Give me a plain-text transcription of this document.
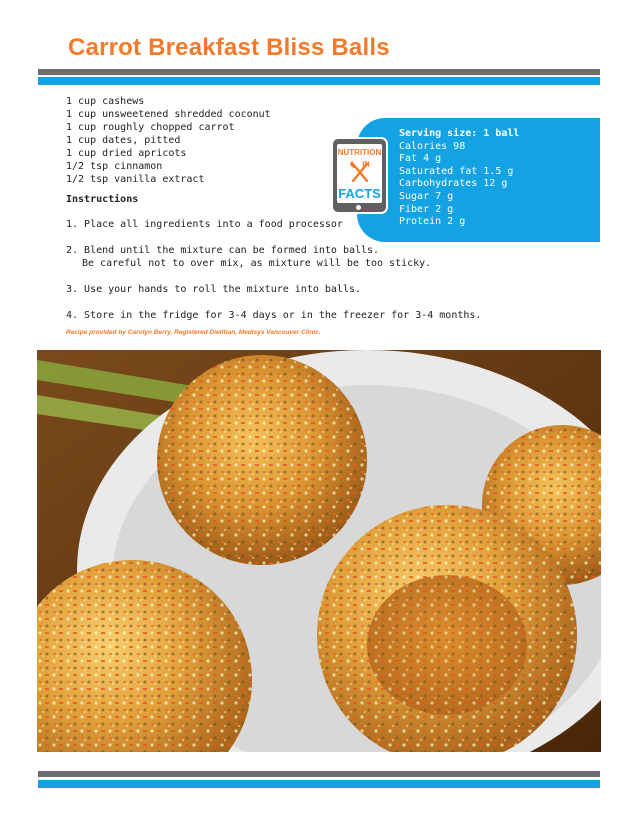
Carrot Breakfast Bliss Balls
1 cup cashews
1 cup unsweetened shredded coconut
1 cup roughly chopped carrot
1 cup dates, pitted
1 cup dried apricots
1/2 tsp cinnamon
1/2 tsp vanilla extract
Instructions
1. Place all ingredients into a food processor
2. Blend until the mixture can be formed into balls.
Be careful not to over mix, as mixture will be too sticky.
3. Use your hands to roll the mixture into balls.
4. Store in the fridge for 3-4 days or in the freezer for 3-4 months.
Recipe provided by Carolyn Berry, Registered Dietitian, Medisys Vancouver Clinic.
Serving size: 1 ball
Calories 98
Fat 4 g
Saturated fat 1.5 g
Carbohydrates 12 g
Sugar 7 g
Fiber 2 g
Protein 2 g
NUTRITION
FACTS
